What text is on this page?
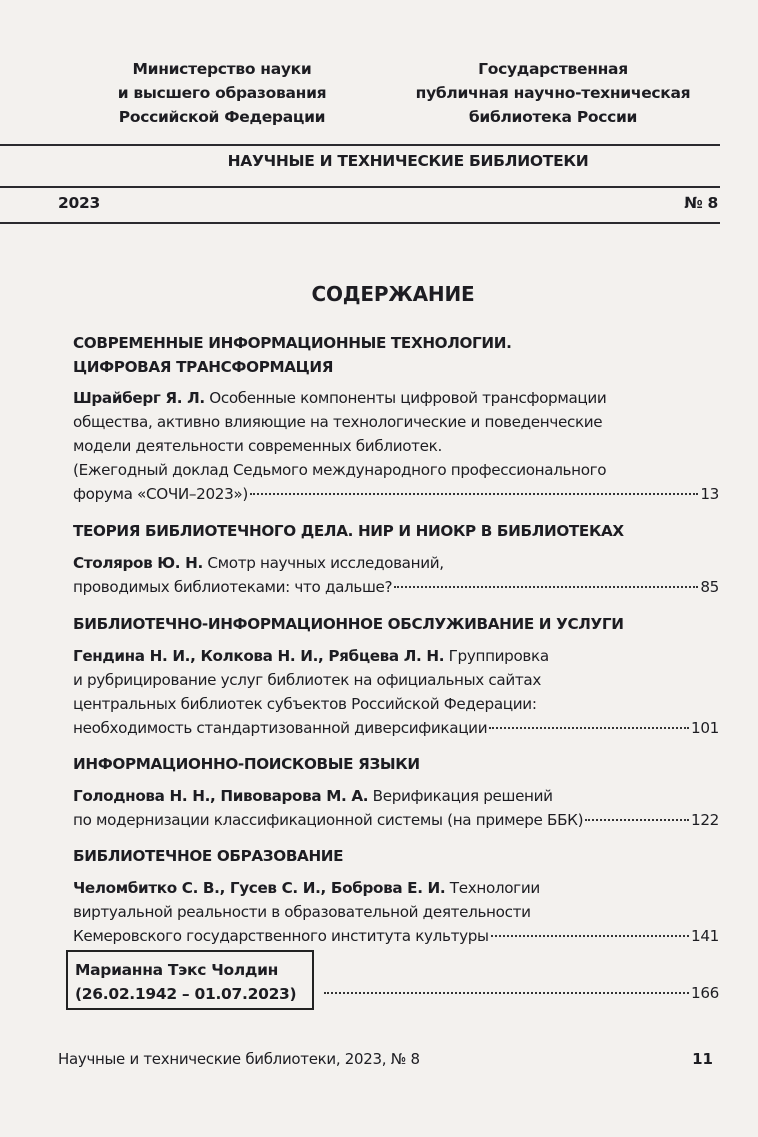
Министерство науки
и высшего образования
Российской Федерации
Государственная
публичная научно-техническая
библиотека России
НАУЧНЫЕ И ТЕХНИЧЕСКИЕ БИБЛИОТЕКИ
2023	№ 8
СОДЕРЖАНИЕ
СОВРЕМЕННЫЕ ИНФОРМАЦИОННЫЕ ТЕХНОЛОГИИ.
ЦИФРОВАЯ ТРАНСФОРМАЦИЯ
Шрайберг Я. Л. Особенные компоненты цифровой трансформации
общества, активно влияющие на технологические и поведенческие
модели деятельности современных библиотек.
(Ежегодный доклад Седьмого международного профессионального
форума «СОЧИ–2023»)	13
ТЕОРИЯ БИБЛИОТЕЧНОГО ДЕЛА. НИР И НИОКР В БИБЛИОТЕКАХ
Столяров Ю. Н. Смотр научных исследований,
проводимых библиотеками: что дальше?	85
БИБЛИОТЕЧНО-ИНФОРМАЦИОННОЕ ОБСЛУЖИВАНИЕ И УСЛУГИ
Гендина Н. И., Колкова Н. И., Рябцева Л. Н. Группировка
и рубрицирование услуг библиотек на официальных сайтах
центральных библиотек субъектов Российской Федерации:
необходимость стандартизованной диверсификации	101
ИНФОРМАЦИОННО-ПОИСКОВЫЕ ЯЗЫКИ
Голоднова Н. Н., Пивоварова М. А. Верификация решений
по модернизации классификационной системы (на примере ББК)	122
БИБЛИОТЕЧНОЕ ОБРАЗОВАНИЕ
Челомбитко С. В., Гусев С. И., Боброва Е. И. Технологии
виртуальной реальности в образовательной деятельности
Кемеровского государственного института культуры	141
Марианна Тэкс Чолдин
(26.02.1942 – 01.07.2023)	166
Научные и технические библиотеки, 2023, № 8	11
